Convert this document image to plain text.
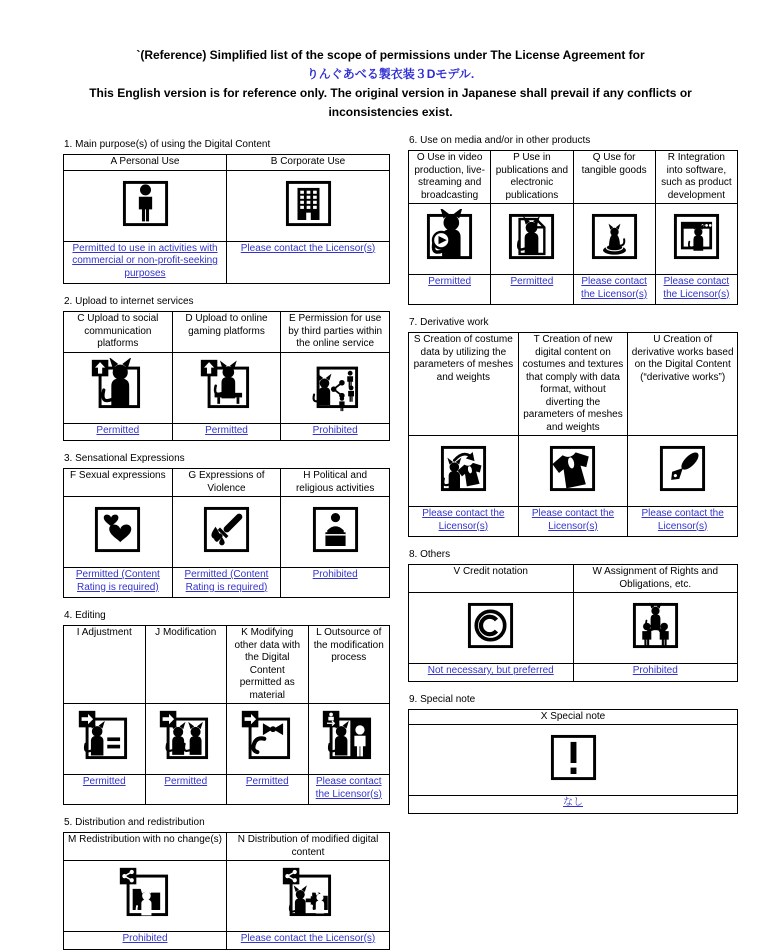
`(Reference) Simplified list of the scope of permissions under The License Agreement for
りんぐあべる製衣装３Dモデル.
This English version is for reference only. The original version in Japanese shall prevail if any conflicts or inconsistencies exist.
1. Main purpose(s) of using the Digital Content
A Personal Use	B Corporate Use

Permitted to use in activities with commercial or non-profit-seeking purposes	Please contact the Licensor(s)
2. Upload to internet services
C Upload to social communication platforms	D Upload to online gaming platforms	E Permission for use by third parties within the online service

Permitted	Permitted	Prohibited
3. Sensational Expressions
F Sexual expressions	G Expressions of Violence	H Political and religious activities

Permitted (Content Rating is required)	Permitted (Content Rating is required)	Prohibited
4. Editing
I Adjustment	J Modification	K Modifying other data with the Digital Content permitted as material	L Outsource of the modification process

Permitted	Permitted	Permitted	Please contact the Licensor(s)
5. Distribution and redistribution
M Redistribution with no change(s)	N Distribution of modified digital content

Prohibited	Please contact the Licensor(s)
6. Use on media and/or in other products
O Use in video production, live-streaming and broadcasting	P Use in publications and electronic publications	Q Use for tangible goods	R Integration into software, such as product development

Permitted	Permitted	Please contact the Licensor(s)	Please contact the Licensor(s)
7. Derivative work
S Creation of costume data by utilizing the parameters of meshes and weights	T Creation of new digital content on costumes and textures that comply with data format, without diverting the parameters of meshes and weights	U Creation of derivative works based on the Digital Content (“derivative works”)

Please contact the Licensor(s)	Please contact the Licensor(s)	Please contact the Licensor(s)
8. Others
V Credit notation	W Assignment of Rights and Obligations, etc.

Not necessary, but preferred	Prohibited
9. Special note
X Special note

なし
